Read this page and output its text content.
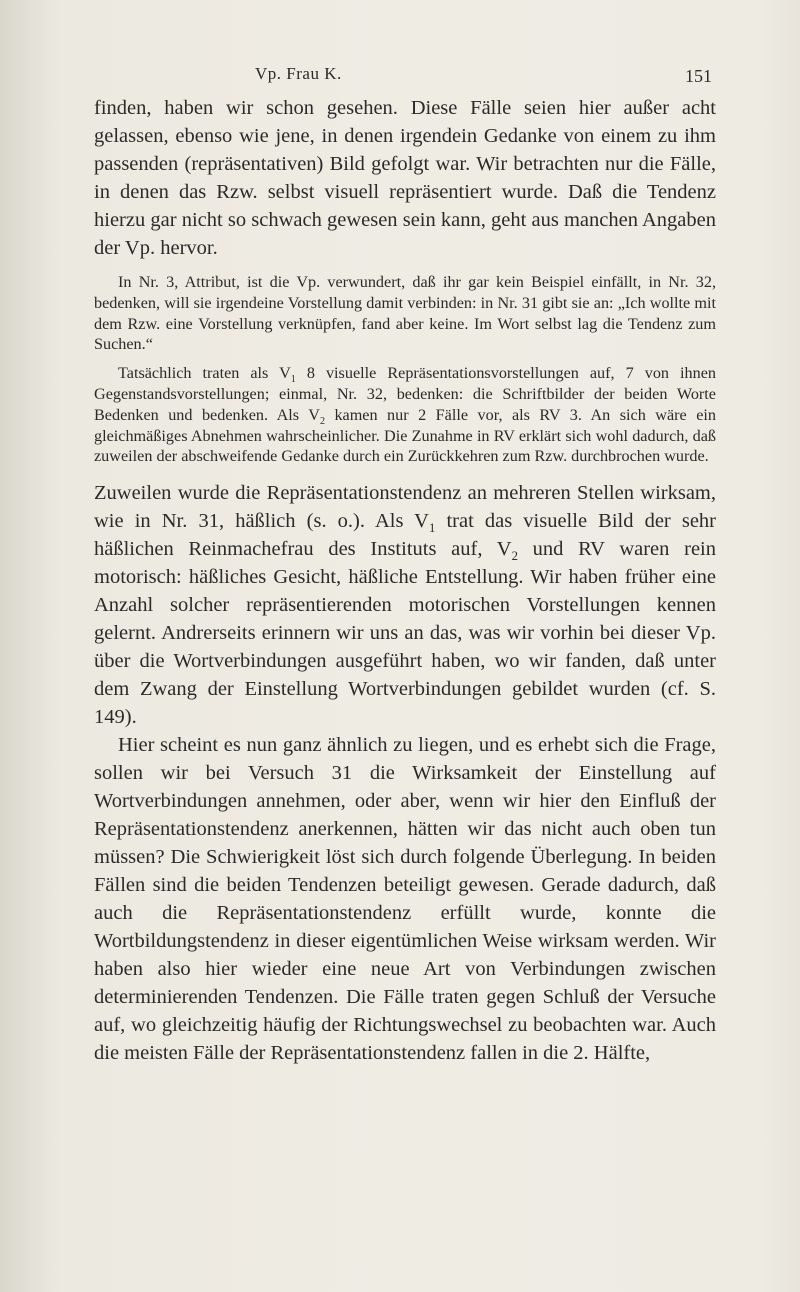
Vp. Frau K.	151

finden, haben wir schon gesehen. Diese Fälle seien hier außer acht gelassen, ebenso wie jene, in denen irgendein Gedanke von einem zu ihm passenden (repräsentativen) Bild gefolgt war. Wir betrachten nur die Fälle, in denen das Rzw. selbst visuell repräsentiert wurde. Daß die Tendenz hierzu gar nicht so schwach gewesen sein kann, geht aus manchen Angaben der Vp. hervor.

In Nr. 3, Attribut, ist die Vp. verwundert, daß ihr gar kein Beispiel einfällt, in Nr. 32, bedenken, will sie irgendeine Vorstellung damit verbinden: in Nr. 31 gibt sie an: „Ich wollte mit dem Rzw. eine Vorstellung verknüpfen, fand aber keine. Im Wort selbst lag die Tendenz zum Suchen.“

Tatsächlich traten als $V_1$ 8 visuelle Repräsentationsvorstellungen auf, 7 von ihnen Gegenstandsvorstellungen; einmal, Nr. 32, bedenken: die Schriftbilder der beiden Worte Bedenken und bedenken. Als $V_2$ kamen nur 2 Fälle vor, als RV 3. An sich wäre ein gleichmäßiges Abnehmen wahrscheinlicher. Die Zunahme in RV erklärt sich wohl dadurch, daß zuweilen der abschweifende Gedanke durch ein Zurückkehren zum Rzw. durchbrochen wurde.

Zuweilen wurde die Repräsentationstendenz an mehreren Stellen wirksam, wie in Nr. 31, häßlich (s. o.). Als $V_1$ trat das visuelle Bild der sehr häßlichen Reinmachefrau des Instituts auf, $V_2$ und RV waren rein motorisch: häßliches Gesicht, häßliche Entstellung. Wir haben früher eine Anzahl solcher repräsentierenden motorischen Vorstellungen kennen gelernt. Andrerseits erinnern wir uns an das, was wir vorhin bei dieser Vp. über die Wortverbindungen ausgeführt haben, wo wir fanden, daß unter dem Zwang der Einstellung Wortverbindungen gebildet wurden (cf. S. 149).

Hier scheint es nun ganz ähnlich zu liegen, und es erhebt sich die Frage, sollen wir bei Versuch 31 die Wirksamkeit der Einstellung auf Wortverbindungen annehmen, oder aber, wenn wir hier den Einfluß der Repräsentationstendenz anerkennen, hätten wir das nicht auch oben tun müssen? Die Schwierigkeit löst sich durch folgende Überlegung. In beiden Fällen sind die beiden Tendenzen beteiligt gewesen. Gerade dadurch, daß auch die Repräsentationstendenz erfüllt wurde, konnte die Wortbildungstendenz in dieser eigentümlichen Weise wirksam werden. Wir haben also hier wieder eine neue Art von Verbindungen zwischen determinierenden Tendenzen. Die Fälle traten gegen Schluß der Versuche auf, wo gleichzeitig häufig der Richtungswechsel zu beobachten war. Auch die meisten Fälle der Repräsentationstendenz fallen in die 2. Hälfte,
